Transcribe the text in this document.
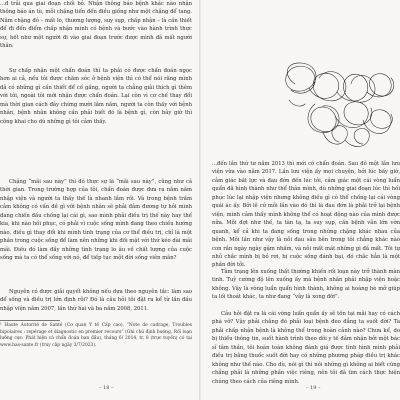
...đ trải qua giai đoạn chối bỏ. Nhận thông báo bệnh khác nào nhận thông báo án tù, mỗi chặng tiến đến điều giống như một chặng để tang. Năm chặng đó – mất lo, thương lượng, suy sụp, chấp nhận – là cần thiết để đi đến điểm chấp nhận mình có bệnh và bước vào hành trình thực sự, hết như một người đi vào giai đoạn trước được mình đã mất người thân.

Sự chấp nhận một chẩn đoán thì ta phải có được chẩn đoán ngọc hơn ai cả, nếu tôi được chăm sóc ở bệnh viện thì có thể nói rằng mình đã có những gì cần thiết để cố gắng, người ta chẳng giải thích gì thêm với tôi, ngoài tôi mới nhận được chẩn đoán. Lại còn vì cơ chế thay đổi mà thời gian cách đây chừng mười lăm năm, người ta còn thấy với bệnh nhân, bệnh nhân không cần phải biết đó là bệnh gì, còn bây giờ thì công khai cho dù những gì tôi cảm thấy.

Chặng “mãi sau này” thì đó thực sự là “mãi sau này”, cũng như cả thời gian. Trong trường hợp của tôi, chẩn đoán được đưa ra năm năm nhập viện và người ta thấy thế là nhanh lắm rồi. Và trong bệnh trầm cảm không có vấn đề gì với bệnh nhân sẽ phải đảm đương tự hỏi mình đang chiến đấu chống lại cái gì, sao mình phải điều trị thế này hay thế kia, khi nào hồi phục, có phải vì cuộc sống mình đang theo chiều hướng nào, điều gì thay đổi khi mình tình trạng của cơ thể điều trị, chỉ là một phần trong cuộc sống để làm nên những khi đối mặt với thứ kéo dài mãi mãi. Điều đó làm đầy những tình trạng lo âu về chất lượng của cuộc sống mà ta có thể sống với nó, để tiếp tục một đời sống viên mãn?

Nguyên có được giải quyết không nếu dựa theo nguyên tắc: làm sao để sống và điều trị lớn định rõi? Đó là câu hỏi tôi đặt ra kể từ lần đầu nhập viện năm 2007, lần thứ hai và ba năm 2008, 2011.

¹ Haute Autorité de Santé (Cơ quan Y tế Cấp cao), “Note de cadrage, Troubles bipolaires : repérage et diagnostic en premier recours” (Ghi chú định hướng, Rối loạn lưỡng cực: Phát hiện và chẩn đoán ban đầu), tháng 6/ 2014, tr. 8 (trực tuyến) có tại www.has-sante.fr (truy cập ngày 3/7/2023).

– 18 –

...đến lần thứ tư năm 2013 thì mới có chẩn đoán. Sau đó một lần lưu viện vừa vào năm 2017. Lần lưu viện ấy mọi chuyện, bởi lúc bấy giờ, cảm giác bắt lực và đau đớn đến lúc tôi, cảm giác một cái vòng luẩn quẩn đã hình thành như thể thân mình, dù những giai đoạn lúc thì hồi phục lúc lại nhập viện nhưng không điều gì có thể chống lại cái vòng quái ác ấy. Bởi lẽ cứ mỗi lần vào đó thì là đau đớn là phải trở lại bệnh viện, mình cảm thấy mình không thể có hoạt động nào của mình được nữa. Mỗi đợt như thế, ta tàn tạ, ta suy sụp, căn bệnh vẫn lớn vờn quanh, kể cả khi ta đang sống trong những chặng khác nhau của bệnh. Mỗi lần như vậy là nỗi đau sâu bên trong tôi chẳng khác nào con rắn ngày ngày gặm nhấm, và nỗi mất mát những gì đã mất. Tôi tự nhủ chắc mình bị bỏ rơi, bị cuộc sống đánh bại, đó chắc hẳn là một phần đời tôi.

Tâm trạng lên xuống thất thường khiến rối loạn này trở thành màn tinh. Tuỳ cường độ lên xuống ấy mà bệnh nhân phải nhập viện hoặc không. Vậy là vòng luẩn quẩn hình thành, không ai hoàng hè mở giúp ta lối thoát khác, ta như đang “vây là xong đời”.

Câu hỏi đặt ra là cái vòng luẩn quẩn ấy sẽ tồn tại mãi hay có cách phá vỡ? Vậy phải chăng đó phải loại bệnh đeo đẳng ta suốt đời? Ta phải chấp nhận bệnh là không thể trong hoàn cảnh nào? Chưa kể, do bị thiếu thông tin, suốt hành trình theo dõi y tế đảm nhận bởi một bác sĩ tâm thần, tôi hoàn toàn không đánh giá được tình hình mình phải điều trị bằng thuốc suốt đời hay có những phương pháp điều trị khác không như thế nào. Cho dù, nói gì thì nói những gì không ai biết cũng chẳng phải là những phần việc riêng, nên tôi đã tìm cách thực hiện chúng theo cách của riêng mình.

– 19 –
